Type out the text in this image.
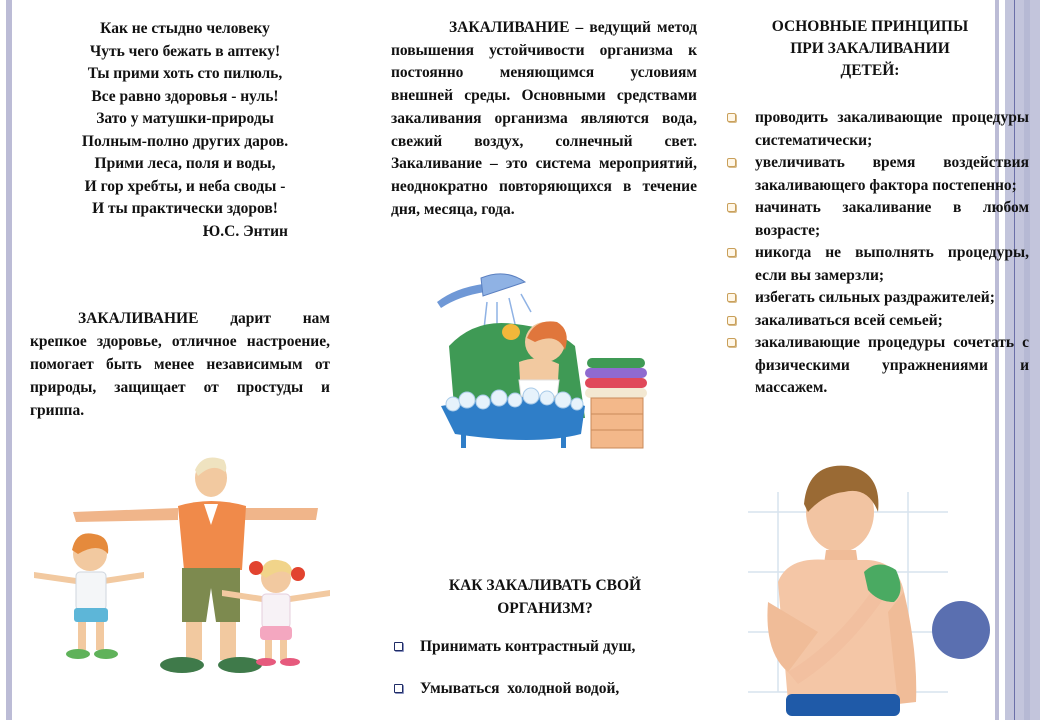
Как не стыдно человеку
Чуть чего бежать в аптеку!
Ты прими хоть сто пилюль,
Все равно здоровья - нуль!
Зато у матушки-природы
Полным-полно других даров.
Прими леса, поля и воды,
И гор хребты, и неба своды -
И ты практически здоров!
Ю.С. Энтин

ЗАКАЛИВАНИЕ дарит нам крепкое здоровье, отличное настроение, помогает быть менее независимым от природы, защищает от простуды и гриппа.

ЗАКАЛИВАНИЕ – ведущий метод повышения устойчивости организма к постоянно меняющимся условиям внешней среды. Основными средствами закаливания организма являются вода, свежий воздух, солнечный свет. Закаливание – это система мероприятий, неоднократно повторяющихся в течение дня, месяца, года.

ОСНОВНЫЕ ПРИНЦИПЫ
ПРИ ЗАКАЛИВАНИИ
ДЕТЕЙ:
проводить закаливающие процедуры систематически;
увеличивать время воздействия закаливающего фактора постепенно;
начинать закаливание в любом возрасте;
никогда не выполнять процедуры, если вы замерзли;
избегать сильных раздражителей;
закаливаться всей семьей;
закаливающие процедуры сочетать с физическими упражнениями и массажем.
КАК ЗАКАЛИВАТЬ СВОЙ
ОРГАНИЗМ?
Принимать контрастный душ,
Умываться  холодной водой,
